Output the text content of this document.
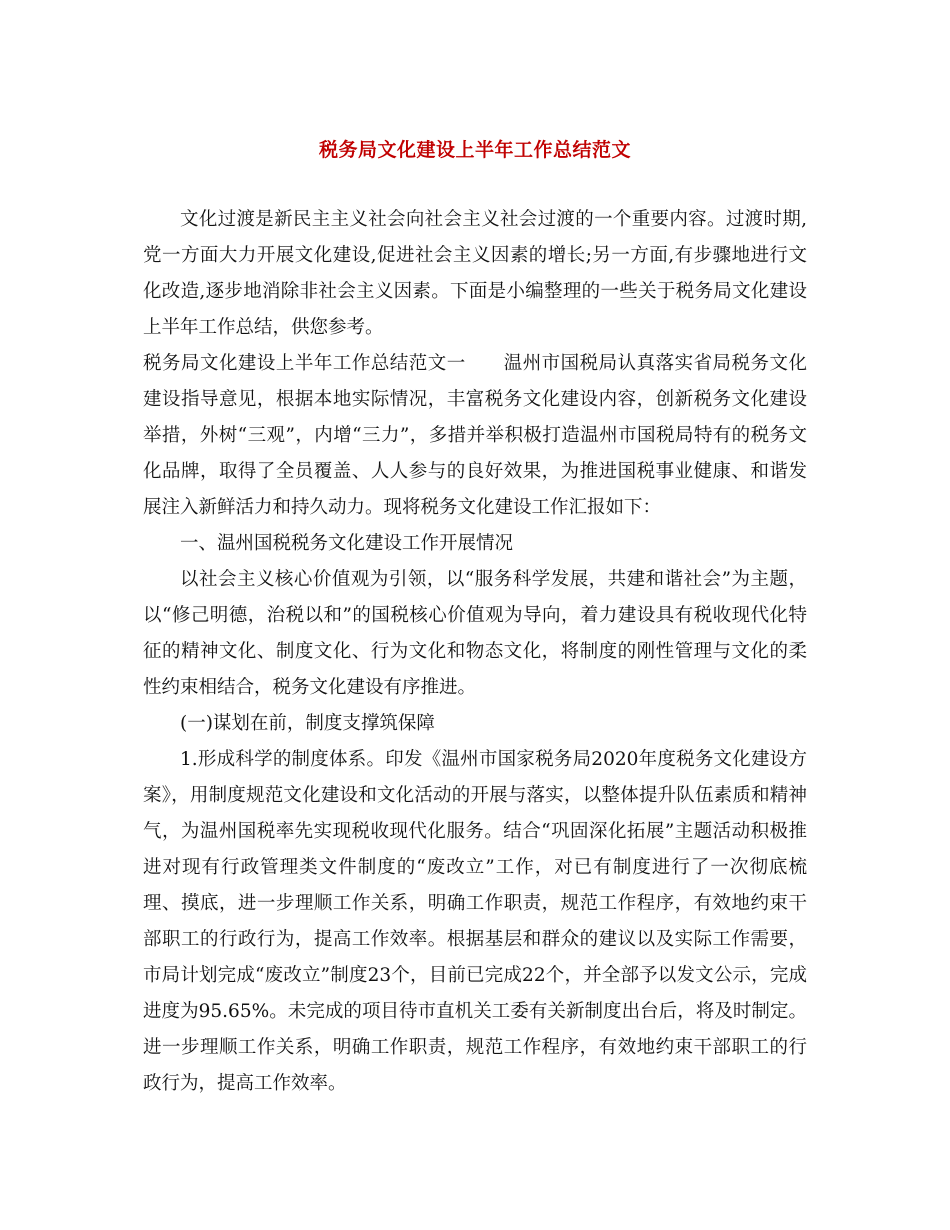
税务局文化建设上半年工作总结范文

文化过渡是新民主主义社会向社会主义社会过渡的一个重要内容。过渡时期,党一方面大力开展文化建设,促进社会主义因素的增长;另一方面,有步骤地进行文化改造,逐步地消除非社会主义因素。下面是小编整理的一些关于税务局文化建设上半年工作总结，供您参考。

税务局文化建设上半年工作总结范文一　　温州市国税局认真落实省局税务文化建设指导意见，根据本地实际情况，丰富税务文化建设内容，创新税务文化建设举措，外树“三观”，内增“三力”，多措并举积极打造温州市国税局特有的税务文化品牌，取得了全员覆盖、人人参与的良好效果，为推进国税事业健康、和谐发展注入新鲜活力和持久动力。现将税务文化建设工作汇报如下：

一、温州国税税务文化建设工作开展情况

以社会主义核心价值观为引领，以“服务科学发展，共建和谐社会”为主题，以“修己明德，治税以和”的国税核心价值观为导向，着力建设具有税收现代化特征的精神文化、制度文化、行为文化和物态文化，将制度的刚性管理与文化的柔性约束相结合，税务文化建设有序推进。

(一)谋划在前，制度支撑筑保障

1.形成科学的制度体系。印发《温州市国家税务局2020年度税务文化建设方案》，用制度规范文化建设和文化活动的开展与落实，以整体提升队伍素质和精神气，为温州国税率先实现税收现代化服务。结合“巩固深化拓展”主题活动积极推进对现有行政管理类文件制度的“废改立”工作，对已有制度进行了一次彻底梳理、摸底，进一步理顺工作关系，明确工作职责，规范工作程序，有效地约束干部职工的行政行为，提高工作效率。根据基层和群众的建议以及实际工作需要，市局计划完成“废改立”制度23个，目前已完成22个，并全部予以发文公示，完成进度为95.65%。未完成的项目待市直机关工委有关新制度出台后，将及时制定。进一步理顺工作关系，明确工作职责，规范工作程序，有效地约束干部职工的行政行为，提高工作效率。
